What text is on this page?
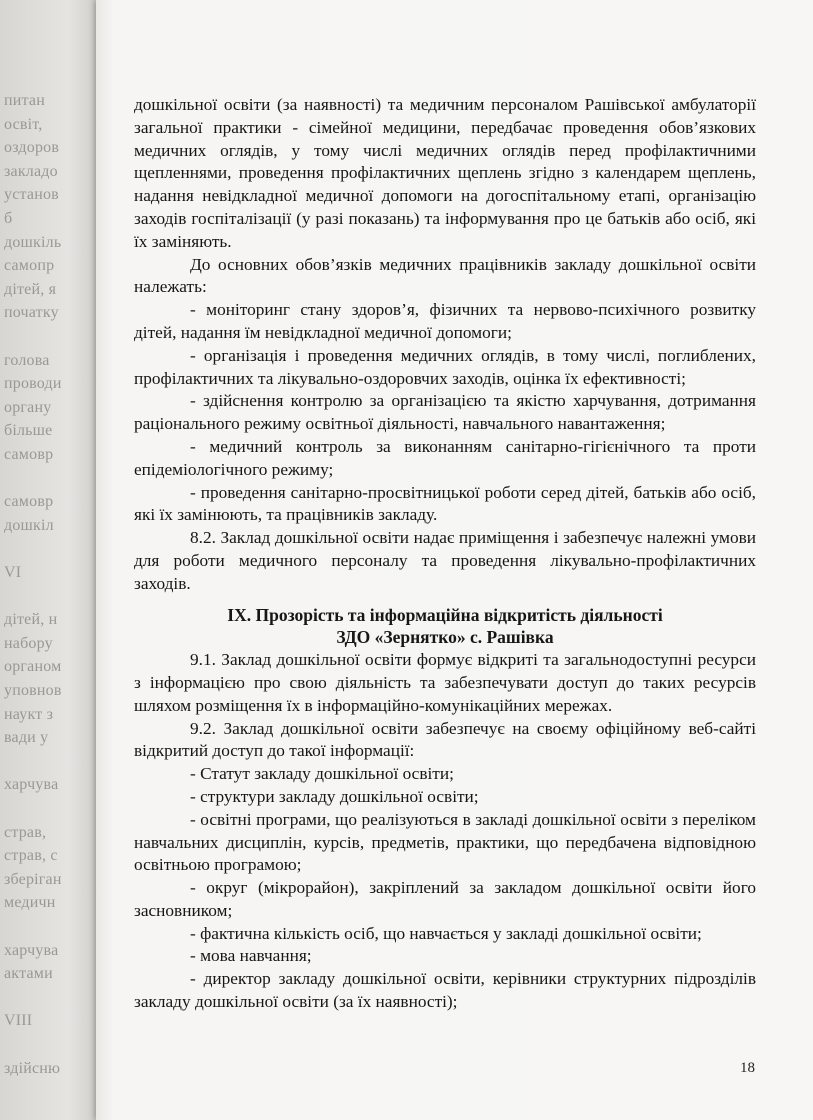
питан
освіт,
оздоров
закладо
установ
б
дошкіль
самопр
дітей, я
початку
голова
проводи
органу
більше
самовр
самовр
дошкіл
VI
дітей, н
набору
органом
уповнов
наукт з
вади у
харчува
страв,
страв, с
зберіган
медичн
харчува
актами
VIII
здійсню

дошкільної освіти (за наявності) та медичним персоналом Рашівської амбулаторії загальної практики - сімейної медицини, передбачає проведення обов’язкових медичних оглядів, у тому числі медичних оглядів перед профілактичними щепленнями, проведення профілактичних щеплень згідно з календарем щеплень, надання невідкладної медичної допомоги на догоспітальному етапі, організацію заходів госпіталізації (у разі показань) та інформування про це батьків або осіб, які їх заміняють.

До основних обов’язків медичних працівників закладу дошкільної освіти належать:

- моніторинг стану здоров’я, фізичних та нервово-психічного розвитку дітей, надання їм невідкладної медичної допомоги;

- організація і проведення медичних оглядів, в тому числі, поглиблених, профілактичних та лікувально-оздоровчих заходів, оцінка їх ефективності;

- здійснення контролю за організацією та якістю харчування, дотримання раціонального режиму освітньої діяльності, навчального навантаження;

- медичний контроль за виконанням санітарно-гігієнічного та проти епідеміологічного режиму;

- проведення санітарно-просвітницької роботи серед дітей, батьків або осіб, які їх замінюють, та працівників закладу.

8.2. Заклад дошкільної освіти надає приміщення і забезпечує належні умови для роботи медичного персоналу та проведення лікувально-профілактичних заходів.

IX. Прозорість та інформаційна відкритість діяльності
ЗДО «Зернятко» с. Рашівка

9.1. Заклад дошкільної освіти формує відкриті та загальнодоступні ресурси з інформацією про свою діяльність та забезпечувати доступ до таких ресурсів шляхом розміщення їх в інформаційно-комунікаційних мережах.

9.2. Заклад дошкільної освіти забезпечує на своєму офіційному веб-сайті відкритий доступ до такої інформації:

- Статут закладу дошкільної освіти;

- структури закладу дошкільної освіти;

- освітні програми, що реалізуються в закладі дошкільної освіти з переліком навчальних дисциплін, курсів, предметів, практики, що передбачена відповідною освітньою програмою;

- округ (мікрорайон), закріплений за закладом дошкільної освіти його засновником;

- фактична кількість осіб, що навчається у закладі дошкільної освіти;

- мова навчання;

- директор закладу дошкільної освіти, керівники структурних підрозділів закладу дошкільної освіти (за їх наявності);

18
